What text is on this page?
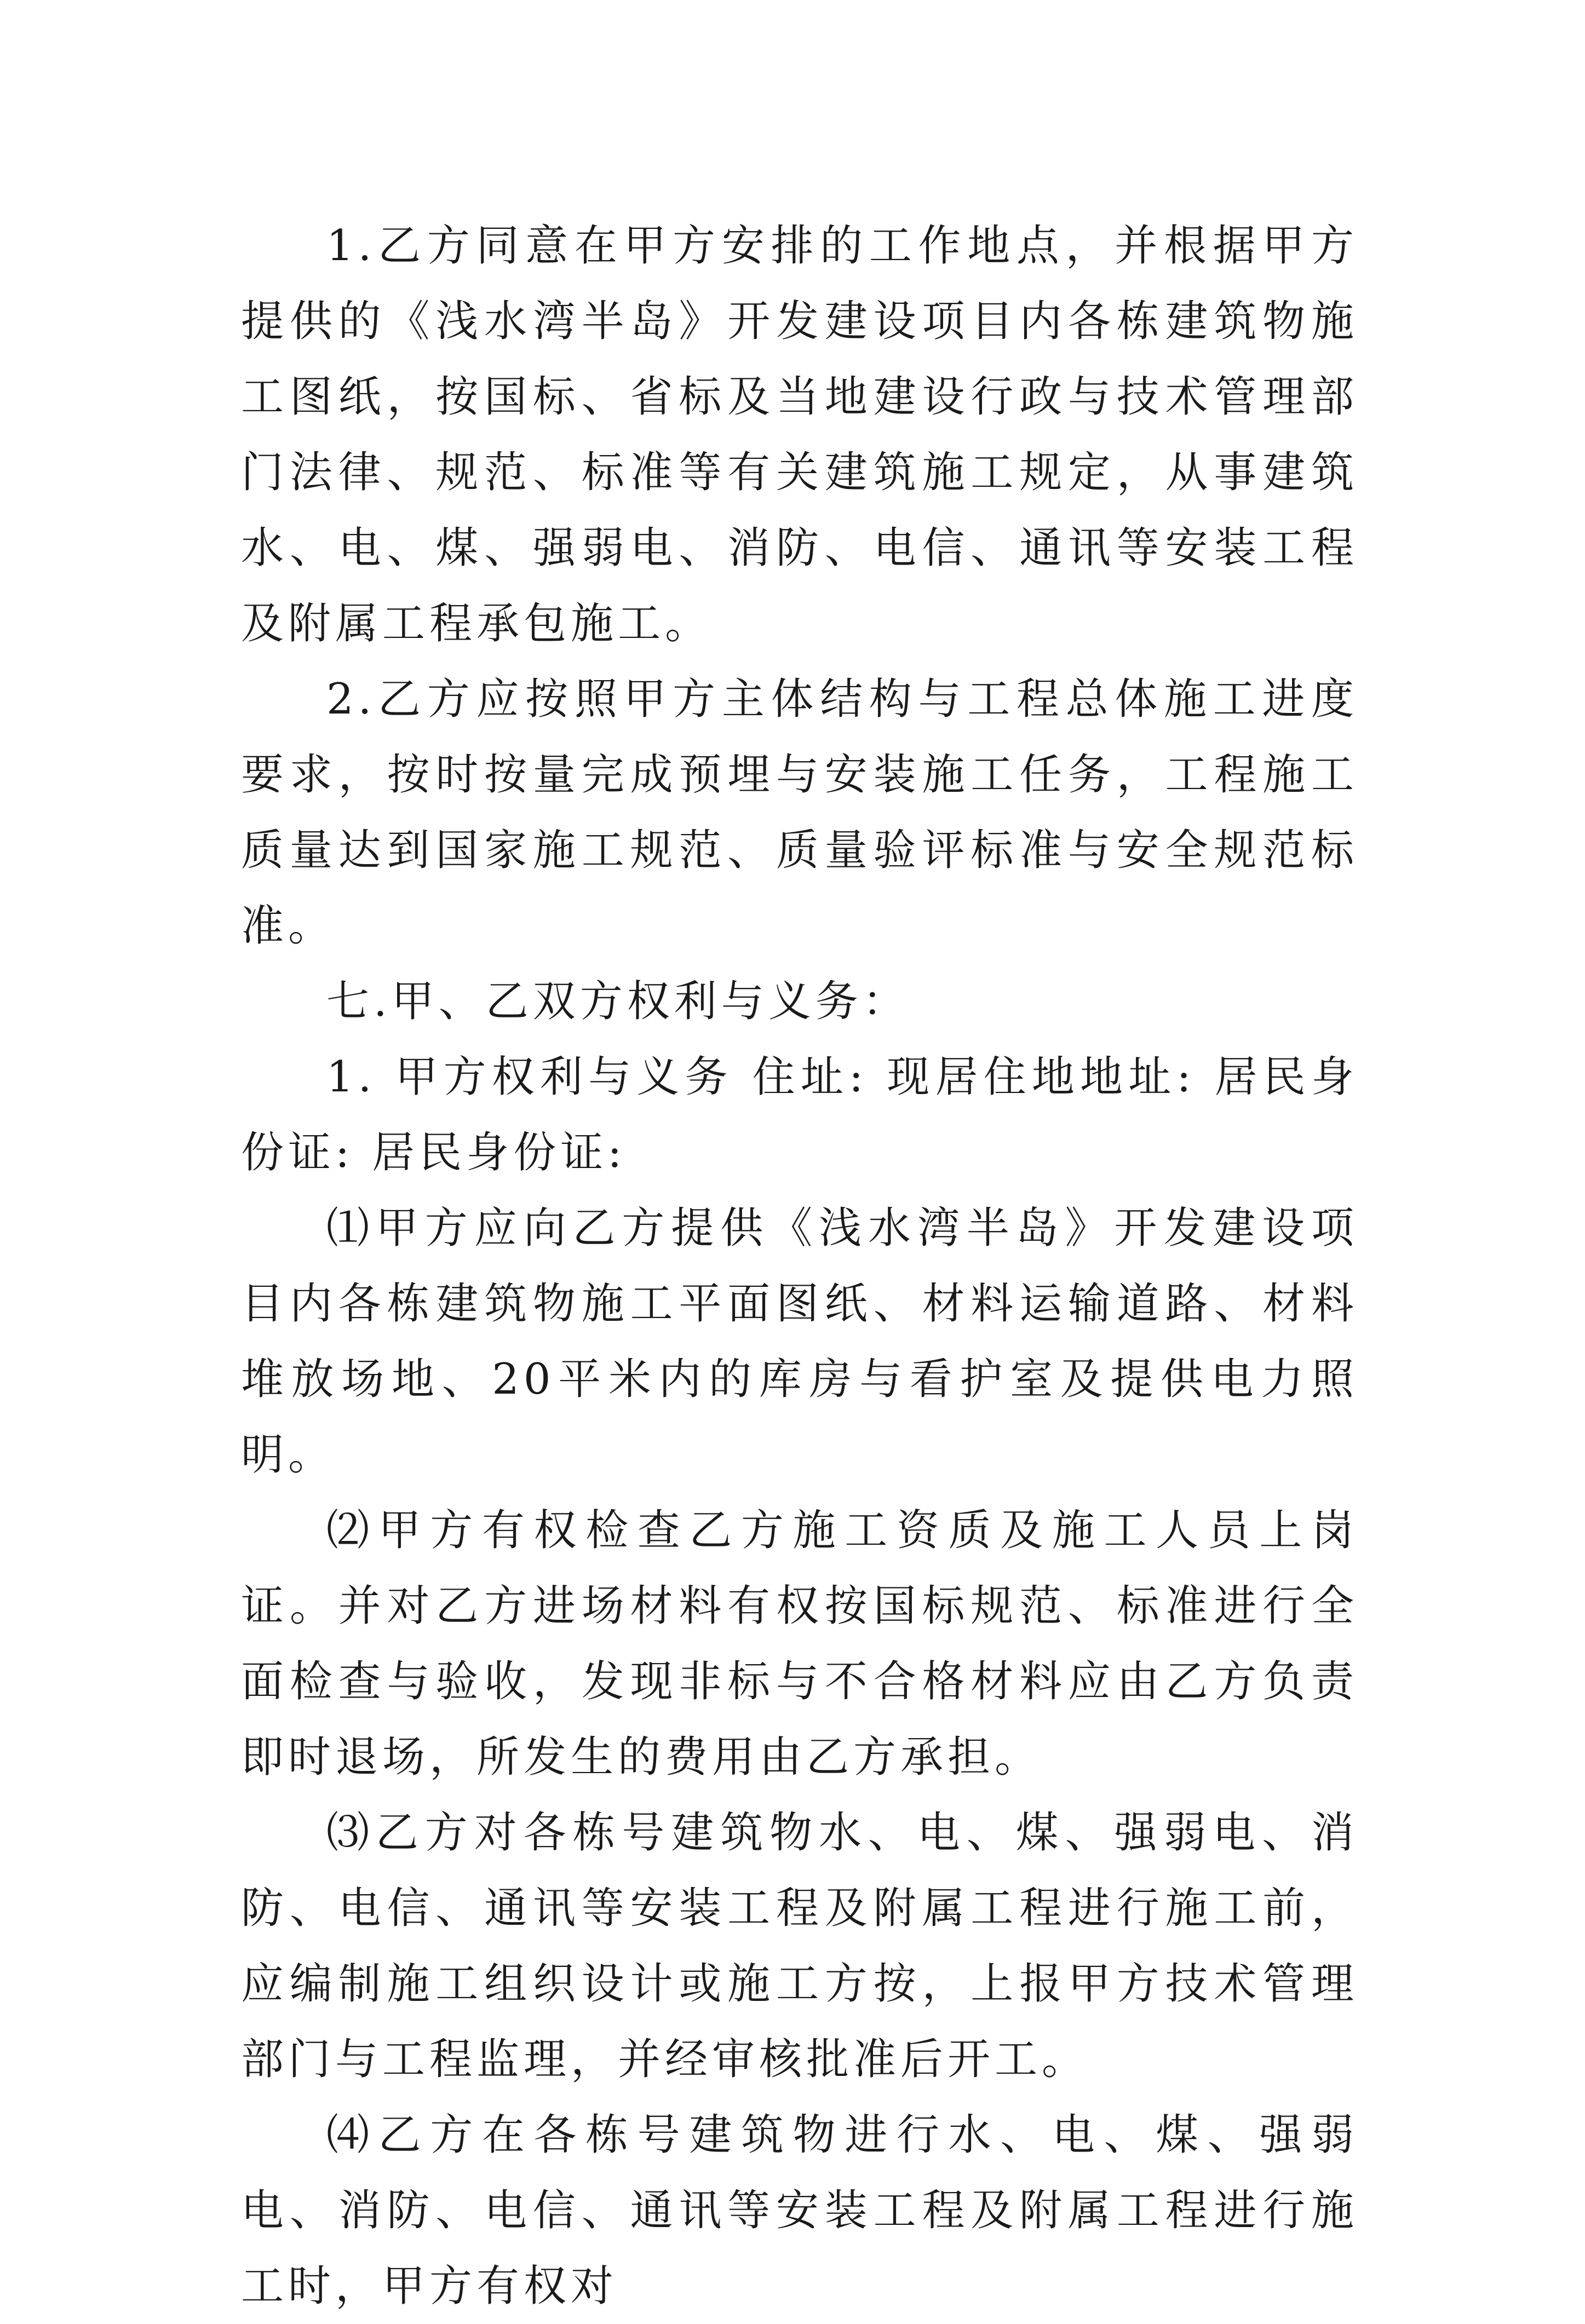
1.乙方同意在甲方安排的工作地点，并根据甲方提供的《浅水湾半岛》开发建设项目内各栋建筑物施工图纸，按国标、省标及当地建设行政与技术管理部门法律、规范、标准等有关建筑施工规定，从事建筑水、电、煤、强弱电、消防、电信、通讯等安装工程及附属工程承包施工。

2.乙方应按照甲方主体结构与工程总体施工进度要求，按时按量完成预埋与安装施工任务，工程施工质量达到国家施工规范、质量验评标准与安全规范标准。

七.甲、乙双方权利与义务：

1. 甲方权利与义务 住址: 现居住地地址: 居民身份证: 居民身份证:

⑴甲方应向乙方提供《浅水湾半岛》开发建设项目内各栋建筑物施工平面图纸、材料运输道路、材料堆放场地、20平米内的库房与看护室及提供电力照明。

⑵甲方有权检查乙方施工资质及施工人员上岗证。并对乙方进场材料有权按国标规范、标准进行全面检查与验收，发现非标与不合格材料应由乙方负责即时退场，所发生的费用由乙方承担。

⑶乙方对各栋号建筑物水、电、煤、强弱电、消防、电信、通讯等安装工程及附属工程进行施工前，应编制施工组织设计或施工方按，上报甲方技术管理部门与工程监理，并经审核批准后开工。

⑷乙方在各栋号建筑物进行水、电、煤、强弱电、消防、电信、通讯等安装工程及附属工程进行施工时，甲方有权对
